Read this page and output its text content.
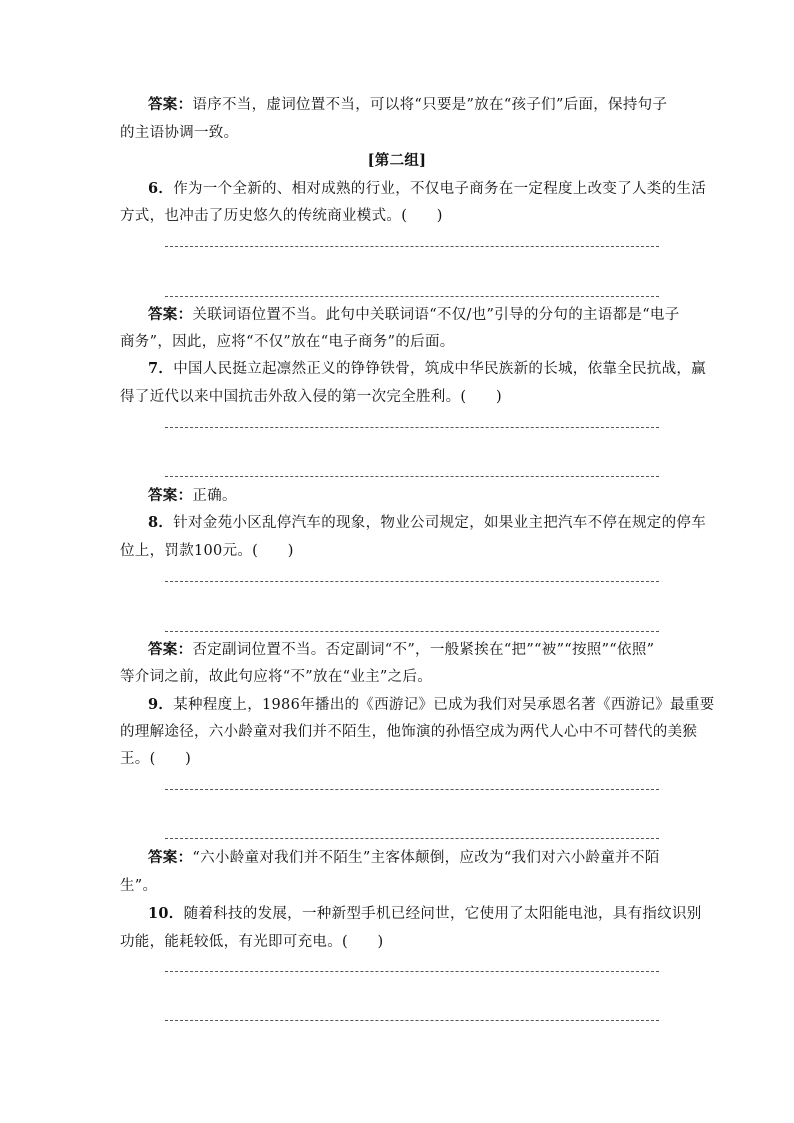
答案：语序不当，虚词位置不当，可以将“只要是”放在“孩子们”后面，保持句子
的主语协调一致。
[第二组]
6．作为一个全新的、相对成熟的行业，不仅电子商务在一定程度上改变了人类的生活
方式，也冲击了历史悠久的传统商业模式。(　　)
答案：关联词语位置不当。此句中关联词语“不仅/也”引导的分句的主语都是“电子
商务”，因此，应将“不仅”放在“电子商务”的后面。
7．中国人民挺立起凛然正义的铮铮铁骨，筑成中华民族新的长城，依靠全民抗战，赢
得了近代以来中国抗击外敌入侵的第一次完全胜利。(　　)
答案：正确。
8．针对金苑小区乱停汽车的现象，物业公司规定，如果业主把汽车不停在规定的停车
位上，罚款100元。(　　)
答案：否定副词位置不当。否定副词“不”，一般紧挨在“把”“被”“按照”“依照”
等介词之前，故此句应将“不”放在“业主”之后。
9．某种程度上，1986年播出的《西游记》已成为我们对吴承恩名著《西游记》最重要
的理解途径，六小龄童对我们并不陌生，他饰演的孙悟空成为两代人心中不可替代的美猴
王。(　　)
答案：“六小龄童对我们并不陌生”主客体颠倒，应改为“我们对六小龄童并不陌
生”。
10．随着科技的发展，一种新型手机已经问世，它使用了太阳能电池，具有指纹识别
功能，能耗较低，有光即可充电。(　　)
